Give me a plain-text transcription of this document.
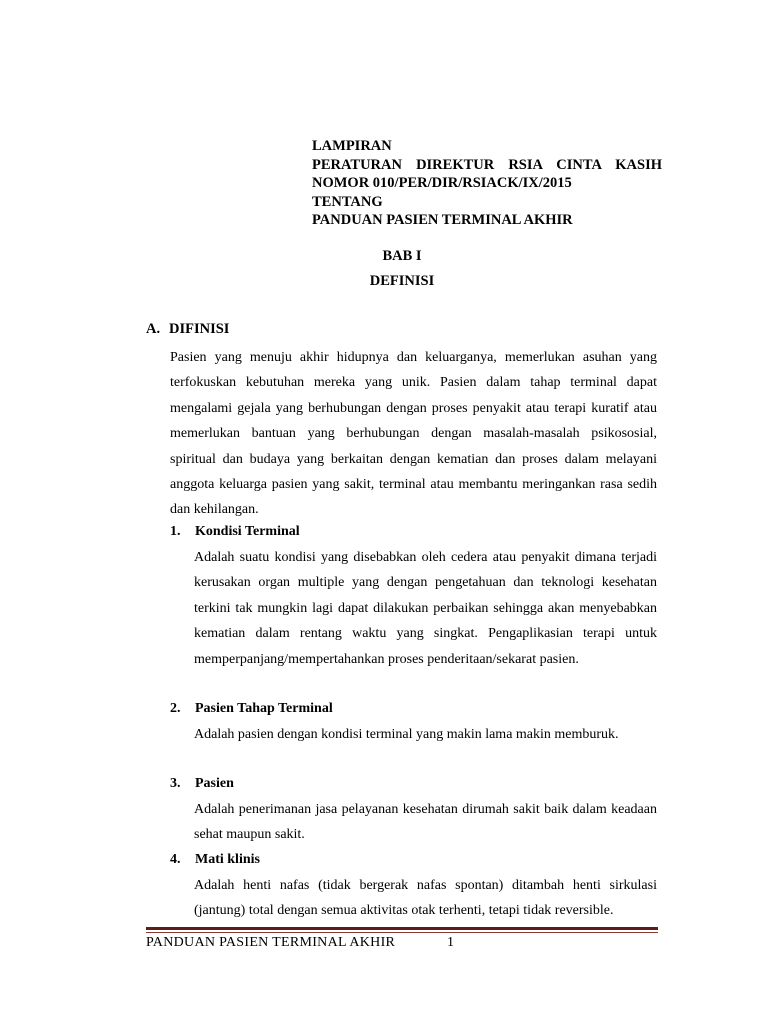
LAMPIRAN
PERATURAN DIREKTUR RSIA CINTA KASIH
NOMOR 010/PER/DIR/RSIACK/IX/2015
TENTANG
PANDUAN PASIEN TERMINAL AKHIR
BAB I
DEFINISI
A. DIFINISI
Pasien yang menuju akhir hidupnya dan keluarganya, memerlukan asuhan yang terfokuskan kebutuhan mereka yang unik. Pasien dalam tahap terminal dapat mengalami gejala yang berhubungan dengan proses penyakit atau terapi kuratif atau memerlukan bantuan yang berhubungan dengan masalah-masalah psikososial, spiritual dan budaya yang berkaitan dengan kematian dan proses dalam melayani anggota keluarga pasien yang sakit, terminal atau membantu meringankan rasa sedih dan kehilangan.
1. Kondisi Terminal
Adalah suatu kondisi yang disebabkan oleh cedera atau penyakit dimana terjadi kerusakan organ multiple yang dengan pengetahuan dan teknologi kesehatan terkini tak mungkin lagi dapat dilakukan perbaikan sehingga akan menyebabkan kematian dalam rentang waktu yang singkat. Pengaplikasian terapi untuk memperpanjang/mempertahankan proses penderitaan/sekarat pasien.
2. Pasien Tahap Terminal
Adalah pasien dengan kondisi terminal yang makin lama makin memburuk.
3. Pasien
Adalah penerimanan jasa pelayanan kesehatan dirumah sakit baik dalam keadaan sehat maupun sakit.
4. Mati klinis
Adalah henti nafas (tidak bergerak nafas spontan) ditambah henti sirkulasi (jantung) total dengan semua aktivitas otak terhenti, tetapi tidak reversible.
PANDUAN PASIEN TERMINAL AKHIR	1
